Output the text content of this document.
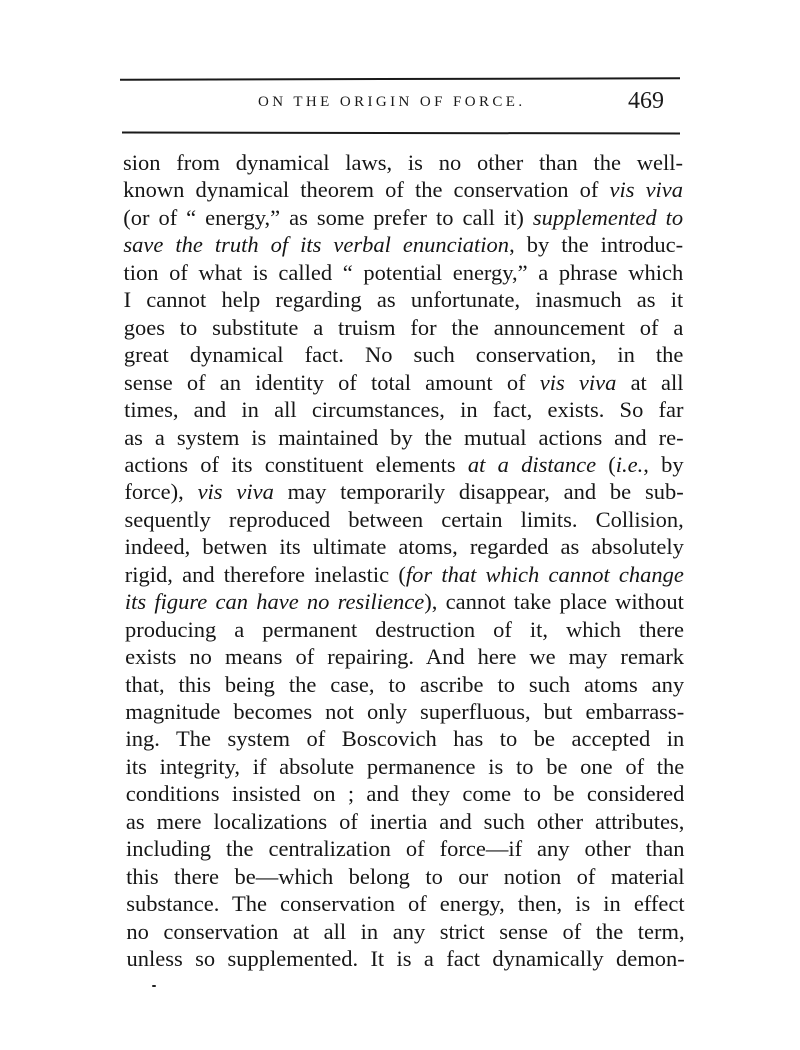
ON THE ORIGIN OF FORCE.	469
sion from dynamical laws, is no other than the well-
known dynamical theorem of the conservation of vis viva
(or of “ energy,” as some prefer to call it) supplemented to
save the truth of its verbal enunciation, by the introduc-
tion of what is called “ potential energy,” a phrase which
I cannot help regarding as unfortunate, inasmuch as it
goes to substitute a truism for the announcement of a
great dynamical fact. No such conservation, in the
sense of an identity of total amount of vis viva at all
times, and in all circumstances, in fact, exists. So far
as a system is maintained by the mutual actions and re-
actions of its constituent elements at a distance (i.e., by
force), vis viva may temporarily disappear, and be sub-
sequently reproduced between certain limits. Collision,
indeed, betwen its ultimate atoms, regarded as absolutely
rigid, and therefore inelastic (for that which cannot change
its figure can have no resilience), cannot take place without
producing a permanent destruction of it, which there
exists no means of repairing. And here we may remark
that, this being the case, to ascribe to such atoms any
magnitude becomes not only superfluous, but embarrass-
ing. The system of Boscovich has to be accepted in
its integrity, if absolute permanence is to be one of the
conditions insisted on ; and they come to be considered
as mere localizations of inertia and such other attributes,
including the centralization of force—if any other than
this there be—which belong to our notion of material
substance. The conservation of energy, then, is in effect
no conservation at all in any strict sense of the term,
unless so supplemented. It is a fact dynamically demon-
